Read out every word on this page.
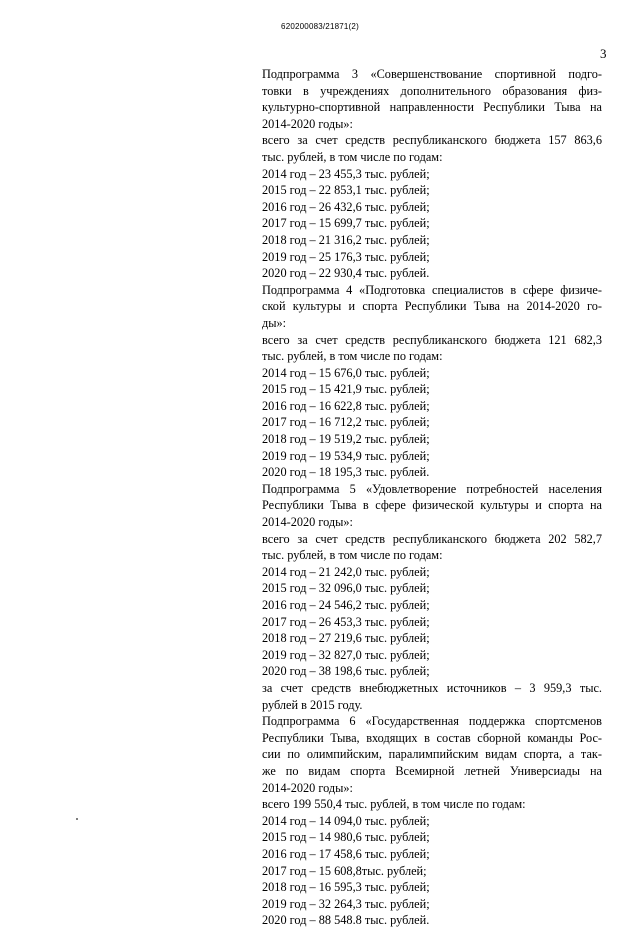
620200083/21871(2)
3

Подпрограмма 3 «Совершенствование спортивной подго-

товки в учреждениях дополнительного образования физ-

культурно-спортивной направленности Республики Тыва на

2014-2020 годы»:

всего за счет средств республиканского бюджета 157 863,6

тыс. рублей, в том числе по годам:

2014 год – 23 455,3 тыс. рублей;

2015 год – 22 853,1 тыс. рублей;

2016 год – 26 432,6 тыс. рублей;

2017 год – 15 699,7 тыс. рублей;

2018 год – 21 316,2 тыс. рублей;

2019 год – 25 176,3 тыс. рублей;

2020 год – 22 930,4 тыс. рублей.

Подпрограмма 4 «Подготовка специалистов в сфере физиче-

ской культуры и спорта Республики Тыва на 2014-2020 го-

ды»:

всего за счет средств республиканского бюджета 121 682,3

тыс. рублей, в том числе по годам:

2014 год – 15 676,0 тыс. рублей;

2015 год – 15 421,9 тыс. рублей;

2016 год – 16 622,8 тыс. рублей;

2017 год – 16 712,2 тыс. рублей;

2018 год – 19 519,2 тыс. рублей;

2019 год – 19 534,9 тыс. рублей;

2020 год – 18 195,3 тыс. рублей.

Подпрограмма 5 «Удовлетворение потребностей населения

Республики Тыва в сфере физической культуры и спорта на

2014-2020 годы»:

всего за счет средств республиканского бюджета 202 582,7

тыс. рублей, в том числе по годам:

2014 год – 21 242,0 тыс. рублей;

2015 год – 32 096,0 тыс. рублей;

2016 год – 24 546,2 тыс. рублей;

2017 год – 26 453,3 тыс. рублей;

2018 год – 27 219,6 тыс. рублей;

2019 год – 32 827,0 тыс. рублей;

2020 год – 38 198,6 тыс. рублей;

за счет средств внебюджетных источников – 3 959,3 тыс.

рублей в 2015 году.

Подпрограмма 6 «Государственная поддержка спортсменов

Республики Тыва, входящих в состав сборной команды Рос-

сии по олимпийским, паралимпийским видам спорта, а так-

же по видам спорта Всемирной летней Универсиады на

2014-2020 годы»:

всего 199 550,4 тыс. рублей, в том числе по годам:

2014 год – 14 094,0 тыс. рублей;

2015 год – 14 980,6 тыс. рублей;

2016 год – 17 458,6 тыс. рублей;

2017 год – 15 608,8тыс. рублей;

2018 год – 16 595,3 тыс. рублей;

2019 год – 32 264,3 тыс. рублей;

2020 год – 88 548.8 тыс. рублей.
